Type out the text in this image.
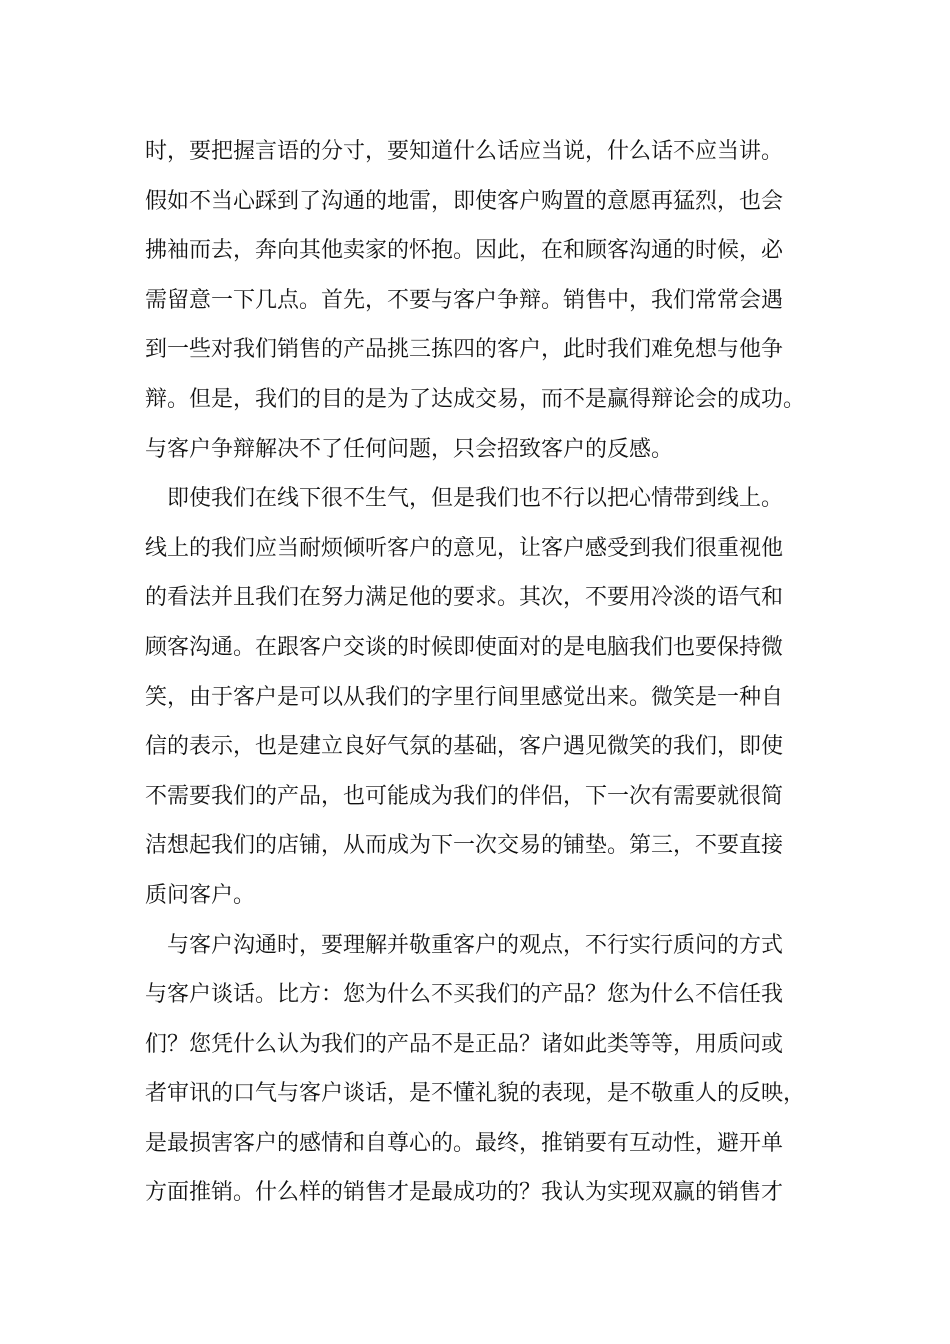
时，要把握言语的分寸，要知道什么话应当说，什么话不应当讲。
假如不当心踩到了沟通的地雷，即使客户购置的意愿再猛烈，也会
拂袖而去，奔向其他卖家的怀抱。因此，在和顾客沟通的时候，必
需留意一下几点。首先，不要与客户争辩。销售中，我们常常会遇
到一些对我们销售的产品挑三拣四的客户，此时我们难免想与他争
辩。但是，我们的目的是为了达成交易，而不是赢得辩论会的成功。
与客户争辩解决不了任何问题，只会招致客户的反感。
即使我们在线下很不生气，但是我们也不行以把心情带到线上。
线上的我们应当耐烦倾听客户的意见，让客户感受到我们很重视他
的看法并且我们在努力满足他的要求。其次，不要用冷淡的语气和
顾客沟通。在跟客户交谈的时候即使面对的是电脑我们也要保持微
笑，由于客户是可以从我们的字里行间里感觉出来。微笑是一种自
信的表示，也是建立良好气氛的基础，客户遇见微笑的我们，即使
不需要我们的产品，也可能成为我们的伴侣，下一次有需要就很简
洁想起我们的店铺，从而成为下一次交易的铺垫。第三，不要直接
质问客户。
与客户沟通时，要理解并敬重客户的观点，不行实行质问的方式
与客户谈话。比方：您为什么不买我们的产品？您为什么不信任我
们？您凭什么认为我们的产品不是正品？诸如此类等等，用质问或
者审讯的口气与客户谈话，是不懂礼貌的表现，是不敬重人的反映，
是最损害客户的感情和自尊心的。最终，推销要有互动性，避开单
方面推销。什么样的销售才是最成功的？我认为实现双赢的销售才
